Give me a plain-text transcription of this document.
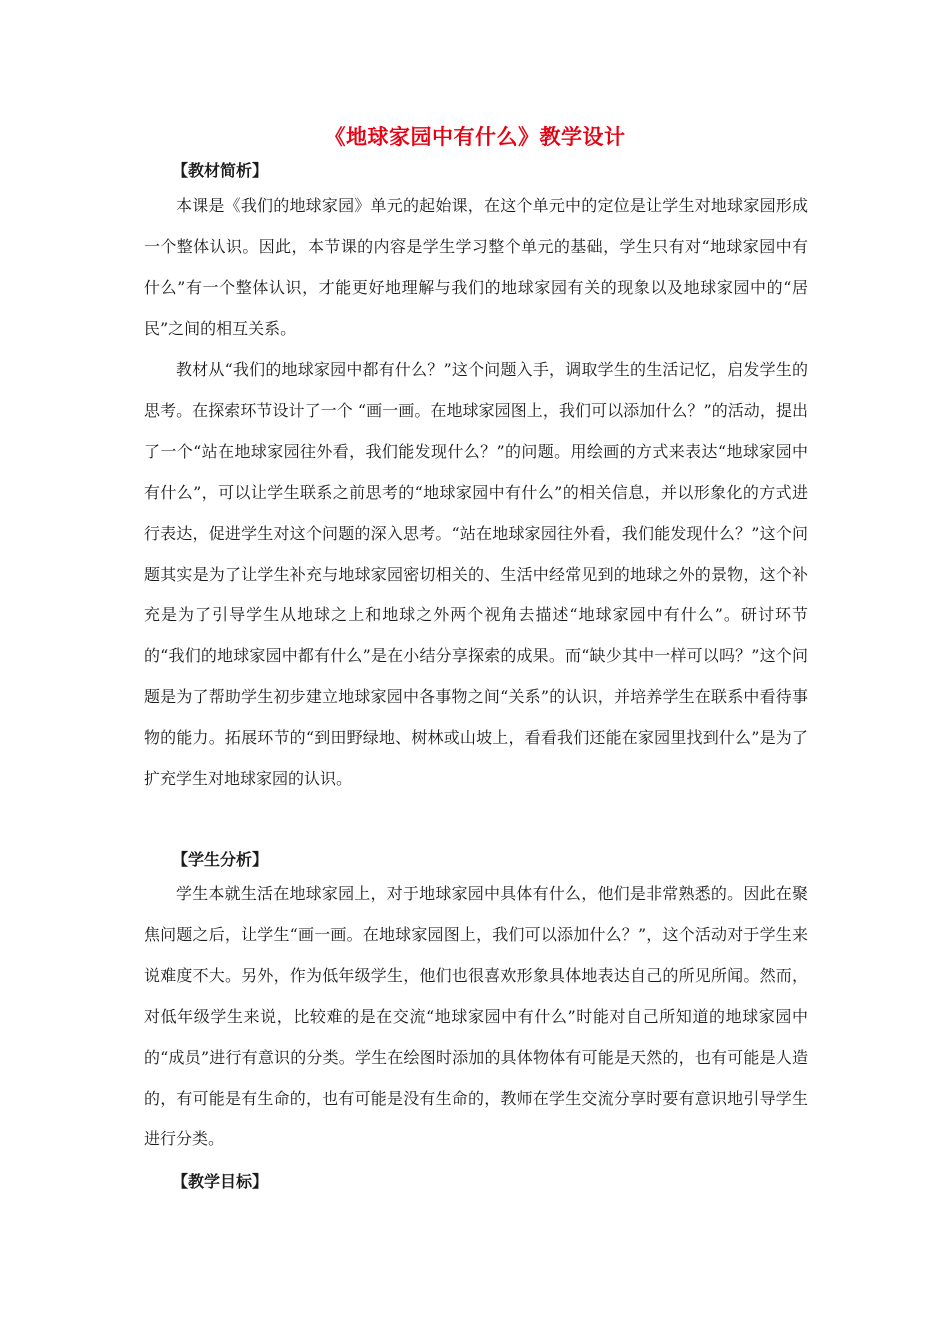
《地球家园中有什么》教学设计
【教材简析】

本课是《我们的地球家园》单元的起始课，在这个单元中的定位是让学生对地球家园形成一个整体认识。因此，本节课的内容是学生学习整个单元的基础，学生只有对“地球家园中有什么”有一个整体认识，才能更好地理解与我们的地球家园有关的现象以及地球家园中的“居民”之间的相互关系。

教材从“我们的地球家园中都有什么？”这个问题入手，调取学生的生活记忆，启发学生的思考。在探索环节设计了一个 “画一画。在地球家园图上，我们可以添加什么？”的活动，提出了一个“站在地球家园往外看，我们能发现什么？”的问题。用绘画的方式来表达“地球家园中有什么”，可以让学生联系之前思考的“地球家园中有什么”的相关信息，并以形象化的方式进行表达，促进学生对这个问题的深入思考。“站在地球家园往外看，我们能发现什么？”这个问题其实是为了让学生补充与地球家园密切相关的、生活中经常见到的地球之外的景物，这个补充是为了引导学生从地球之上和地球之外两个视角去描述“地球家园中有什么”。研讨环节的“我们的地球家园中都有什么”是在小结分享探索的成果。而“缺少其中一样可以吗？”这个问题是为了帮助学生初步建立地球家园中各事物之间“关系”的认识，并培养学生在联系中看待事物的能力。拓展环节的“到田野绿地、树林或山坡上，看看我们还能在家园里找到什么”是为了扩充学生对地球家园的认识。

【学生分析】

学生本就生活在地球家园上，对于地球家园中具体有什么，他们是非常熟悉的。因此在聚焦问题之后，让学生“画一画。在地球家园图上，我们可以添加什么？”，这个活动对于学生来说难度不大。另外，作为低年级学生，他们也很喜欢形象具体地表达自己的所见所闻。然而，对低年级学生来说，比较难的是在交流“地球家园中有什么”时能对自己所知道的地球家园中的“成员”进行有意识的分类。学生在绘图时添加的具体物体有可能是天然的，也有可能是人造的，有可能是有生命的，也有可能是没有生命的，教师在学生交流分享时要有意识地引导学生进行分类。

【教学目标】
